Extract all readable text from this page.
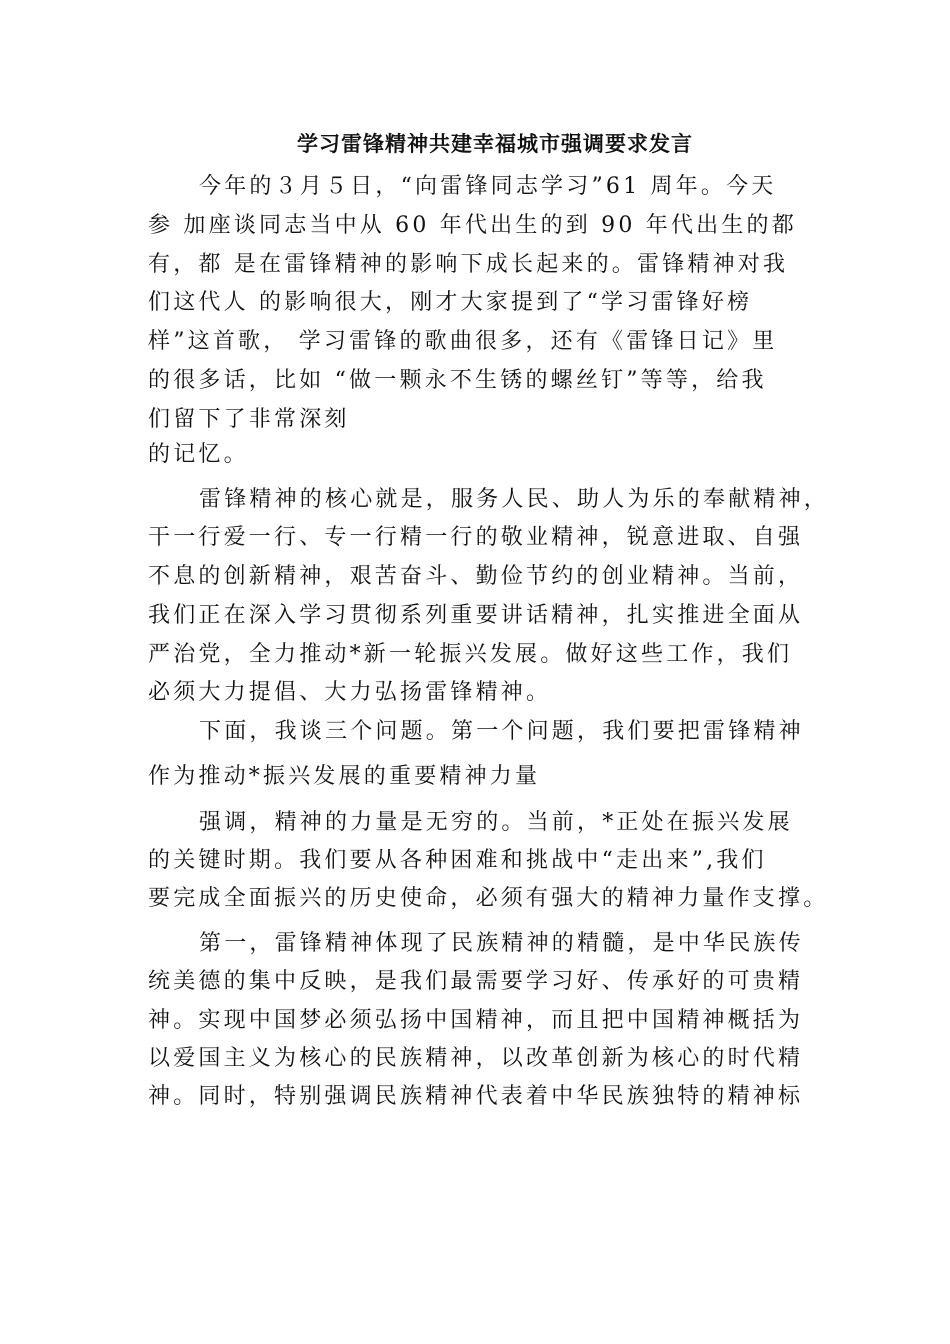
学习雷锋精神共建幸福城市强调要求发言
今年的３月５日，“向雷锋同志学习”61 周年。今天
参 加座谈同志当中从 60 年代出生的到 90 年代出生的都
有，都 是在雷锋精神的影响下成长起来的。雷锋精神对我
们这代人 的影响很大，刚才大家提到了“学习雷锋好榜
样”这首歌， 学习雷锋的歌曲很多，还有《雷锋日记》里
的很多话，比如 “做一颗永不生锈的螺丝钉”等等，给我
们留下了非常深刻
的记忆。
雷锋精神的核心就是，服务人民、助人为乐的奉献精神，
干一行爱一行、专一行精一行的敬业精神，锐意进取、自强
不息的创新精神，艰苦奋斗、勤俭节约的创业精神。当前，
我们正在深入学习贯彻系列重要讲话精神，扎实推进全面从
严治党，全力推动*新一轮振兴发展。做好这些工作，我们
必须大力提倡、大力弘扬雷锋精神。
下面，我谈三个问题。第一个问题，我们要把雷锋精神
作为推动*振兴发展的重要精神力量
强调，精神的力量是无穷的。当前，*正处在振兴发展
的关键时期。我们要从各种困难和挑战中“走出来”,我们
要完成全面振兴的历史使命，必须有强大的精神力量作支撑。
第一，雷锋精神体现了民族精神的精髓，是中华民族传
统美德的集中反映，是我们最需要学习好、传承好的可贵精
神。实现中国梦必须弘扬中国精神，而且把中国精神概括为
以爱国主义为核心的民族精神，以改革创新为核心的时代精
神。同时，特别强调民族精神代表着中华民族独特的精神标
